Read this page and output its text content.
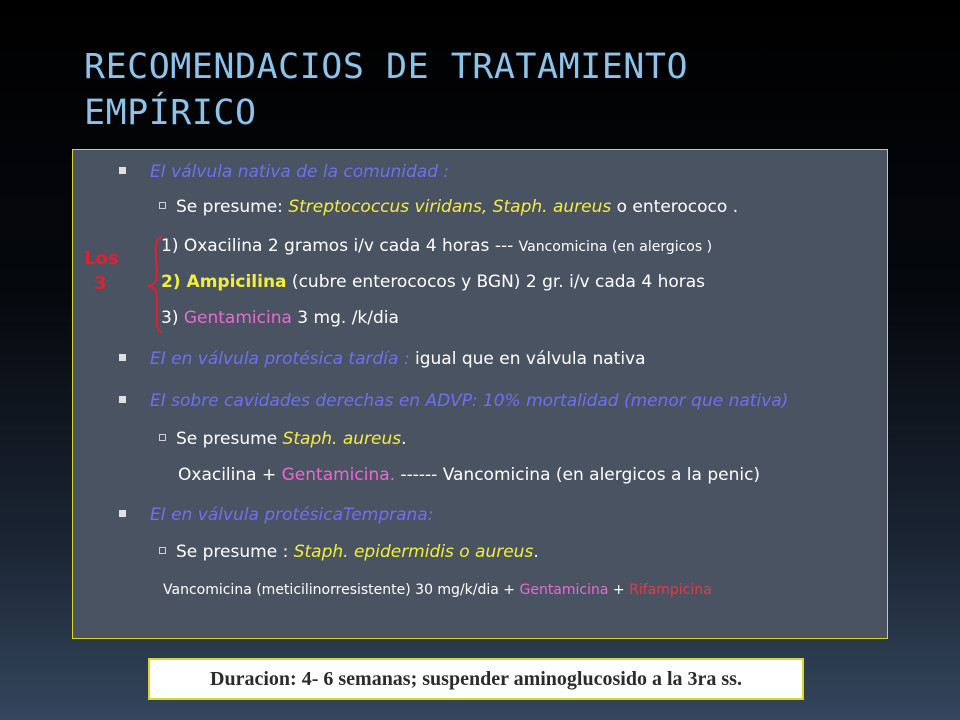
RECOMENDACIOS DE TRATAMIENTO
EMPÍRICO
EI válvula nativa de la comunidad :
Se presume: Streptococcus viridans, Staph. aureus o enterococo .
1) Oxacilina 2 gramos i/v cada 4 horas --- Vancomicina (en alergicos )
2) Ampicilina (cubre enterococos y BGN) 2 gr. i/v cada 4 horas
3) Gentamicina 3 mg. /k/dia
EI en válvula protésica tardía : igual que en válvula nativa
EI sobre cavidades derechas en ADVP: 10% mortalidad (menor que nativa)
Se presume Staph. aureus.
Oxacilina + Gentamicina. ------ Vancomicina (en alergicos a la penic)
EI en válvula protésicaTemprana:
Se presume : Staph. epidermidis o aureus.
Vancomicina (meticilinorresistente) 30 mg/k/dia + Gentamicina + Rifampicina
Los
3
Duracion: 4- 6 semanas; suspender aminoglucosido a la 3ra ss.
